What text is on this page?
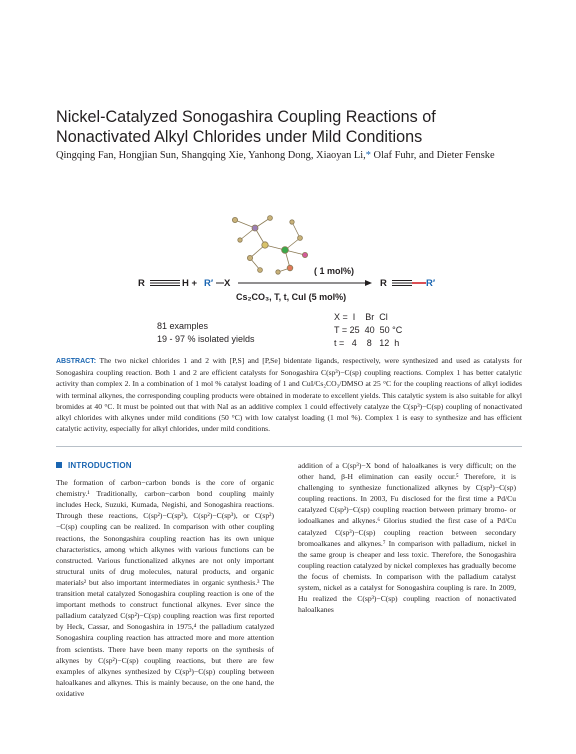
Nickel-Catalyzed Sonogashira Coupling Reactions of Nonactivated Alkyl Chlorides under Mild Conditions
Qingqing Fan, Hongjian Sun, Shangqing Xie, Yanhong Dong, Xiaoyan Li,* Olaf Fuhr, and Dieter Fenske
R	H + R′ X
( 1 mol%)
Cs₂CO₃, T, t, CuI (5 mol%)
R	R′
81 examples
19 - 97 % isolated yields
X =  I    Br  Cl
T = 25  40  50 °C
t =   4    8   12  h
ABSTRACT: The two nickel chlorides 1 and 2 with [P,S] and [P,Se] bidentate ligands, respectively, were synthesized and used as catalysts for Sonogashira coupling reaction. Both 1 and 2 are efficient catalysts for Sonogashira C(sp³)−C(sp) coupling reactions. Complex 1 has better catalytic activity than complex 2. In a combination of 1 mol % catalyst loading of 1 and CuI/Cs₂CO₃/DMSO at 25 °C for the coupling reactions of alkyl iodides with terminal alkynes, the corresponding coupling products were obtained in moderate to excellent yields. This catalytic system is also suitable for alkyl bromides at 40 °C. It must be pointed out that with NaI as an additive complex 1 could effectively catalyze the C(sp³)−C(sp) coupling of nonactivated alkyl chlorides with alkynes under mild conditions (50 °C) with low catalyst loading (1 mol %). Complex 1 is easy to synthesize and has efficient catalytic activity, especially for alkyl chlorides, under mild conditions.

INTRODUCTION

The formation of carbon−carbon bonds is the core of organic chemistry.¹ Traditionally, carbon−carbon bond coupling mainly includes Heck, Suzuki, Kumada, Negishi, and Sonogashira reactions. Through these reactions, C(sp²)−C(sp²), C(sp²)−C(sp³), or C(sp²)−C(sp) coupling can be realized. In comparison with other coupling reactions, the Sonongashira coupling reaction has its own unique characteristics, among which alkynes with various functions can be constructed. Various functionalized alkynes are not only important structural units of drug molecules, natural products, and organic materials² but also important intermediates in organic synthesis.³ The transition metal catalyzed Sonogashira coupling reaction is one of the important methods to construct functional alkynes. Ever since the palladium catalyzed C(sp²)−C(sp) coupling reaction was first reported by Heck, Cassar, and Sonogashira in 1975,⁴ the palladium catalyzed Sonogashira coupling reaction has attracted more and more attention from scientists. There have been many reports on the synthesis of alkynes by C(sp²)−C(sp) coupling reactions, but there are few examples of alkynes synthesized by C(sp³)−C(sp) coupling between haloalkanes and alkynes. This is mainly because, on the one hand, the oxidative

addition of a C(sp³)−X bond of haloalkanes is very difficult; on the other hand, β-H elimination can easily occur.⁵ Therefore, it is challenging to synthesize functionalized alkynes by C(sp³)−C(sp) coupling reactions. In 2003, Fu disclosed for the first time a Pd/Cu catalyzed C(sp³)−C(sp) coupling reaction between primary bromo- or iodoalkanes and alkynes.⁶ Glorius studied the first case of a Pd/Cu catalyzed C(sp³)−C(sp) coupling reaction between secondary bromoalkanes and alkynes.⁷ In comparison with palladium, nickel in the same group is cheaper and less toxic. Therefore, the Sonogashira coupling reaction catalyzed by nickel complexes has gradually become the focus of chemists. In comparison with the palladium catalyst system, nickel as a catalyst for Sonogashira coupling is rare. In 2009, Hu realized the C(sp³)−C(sp) coupling reaction of nonactivated haloalkanes
